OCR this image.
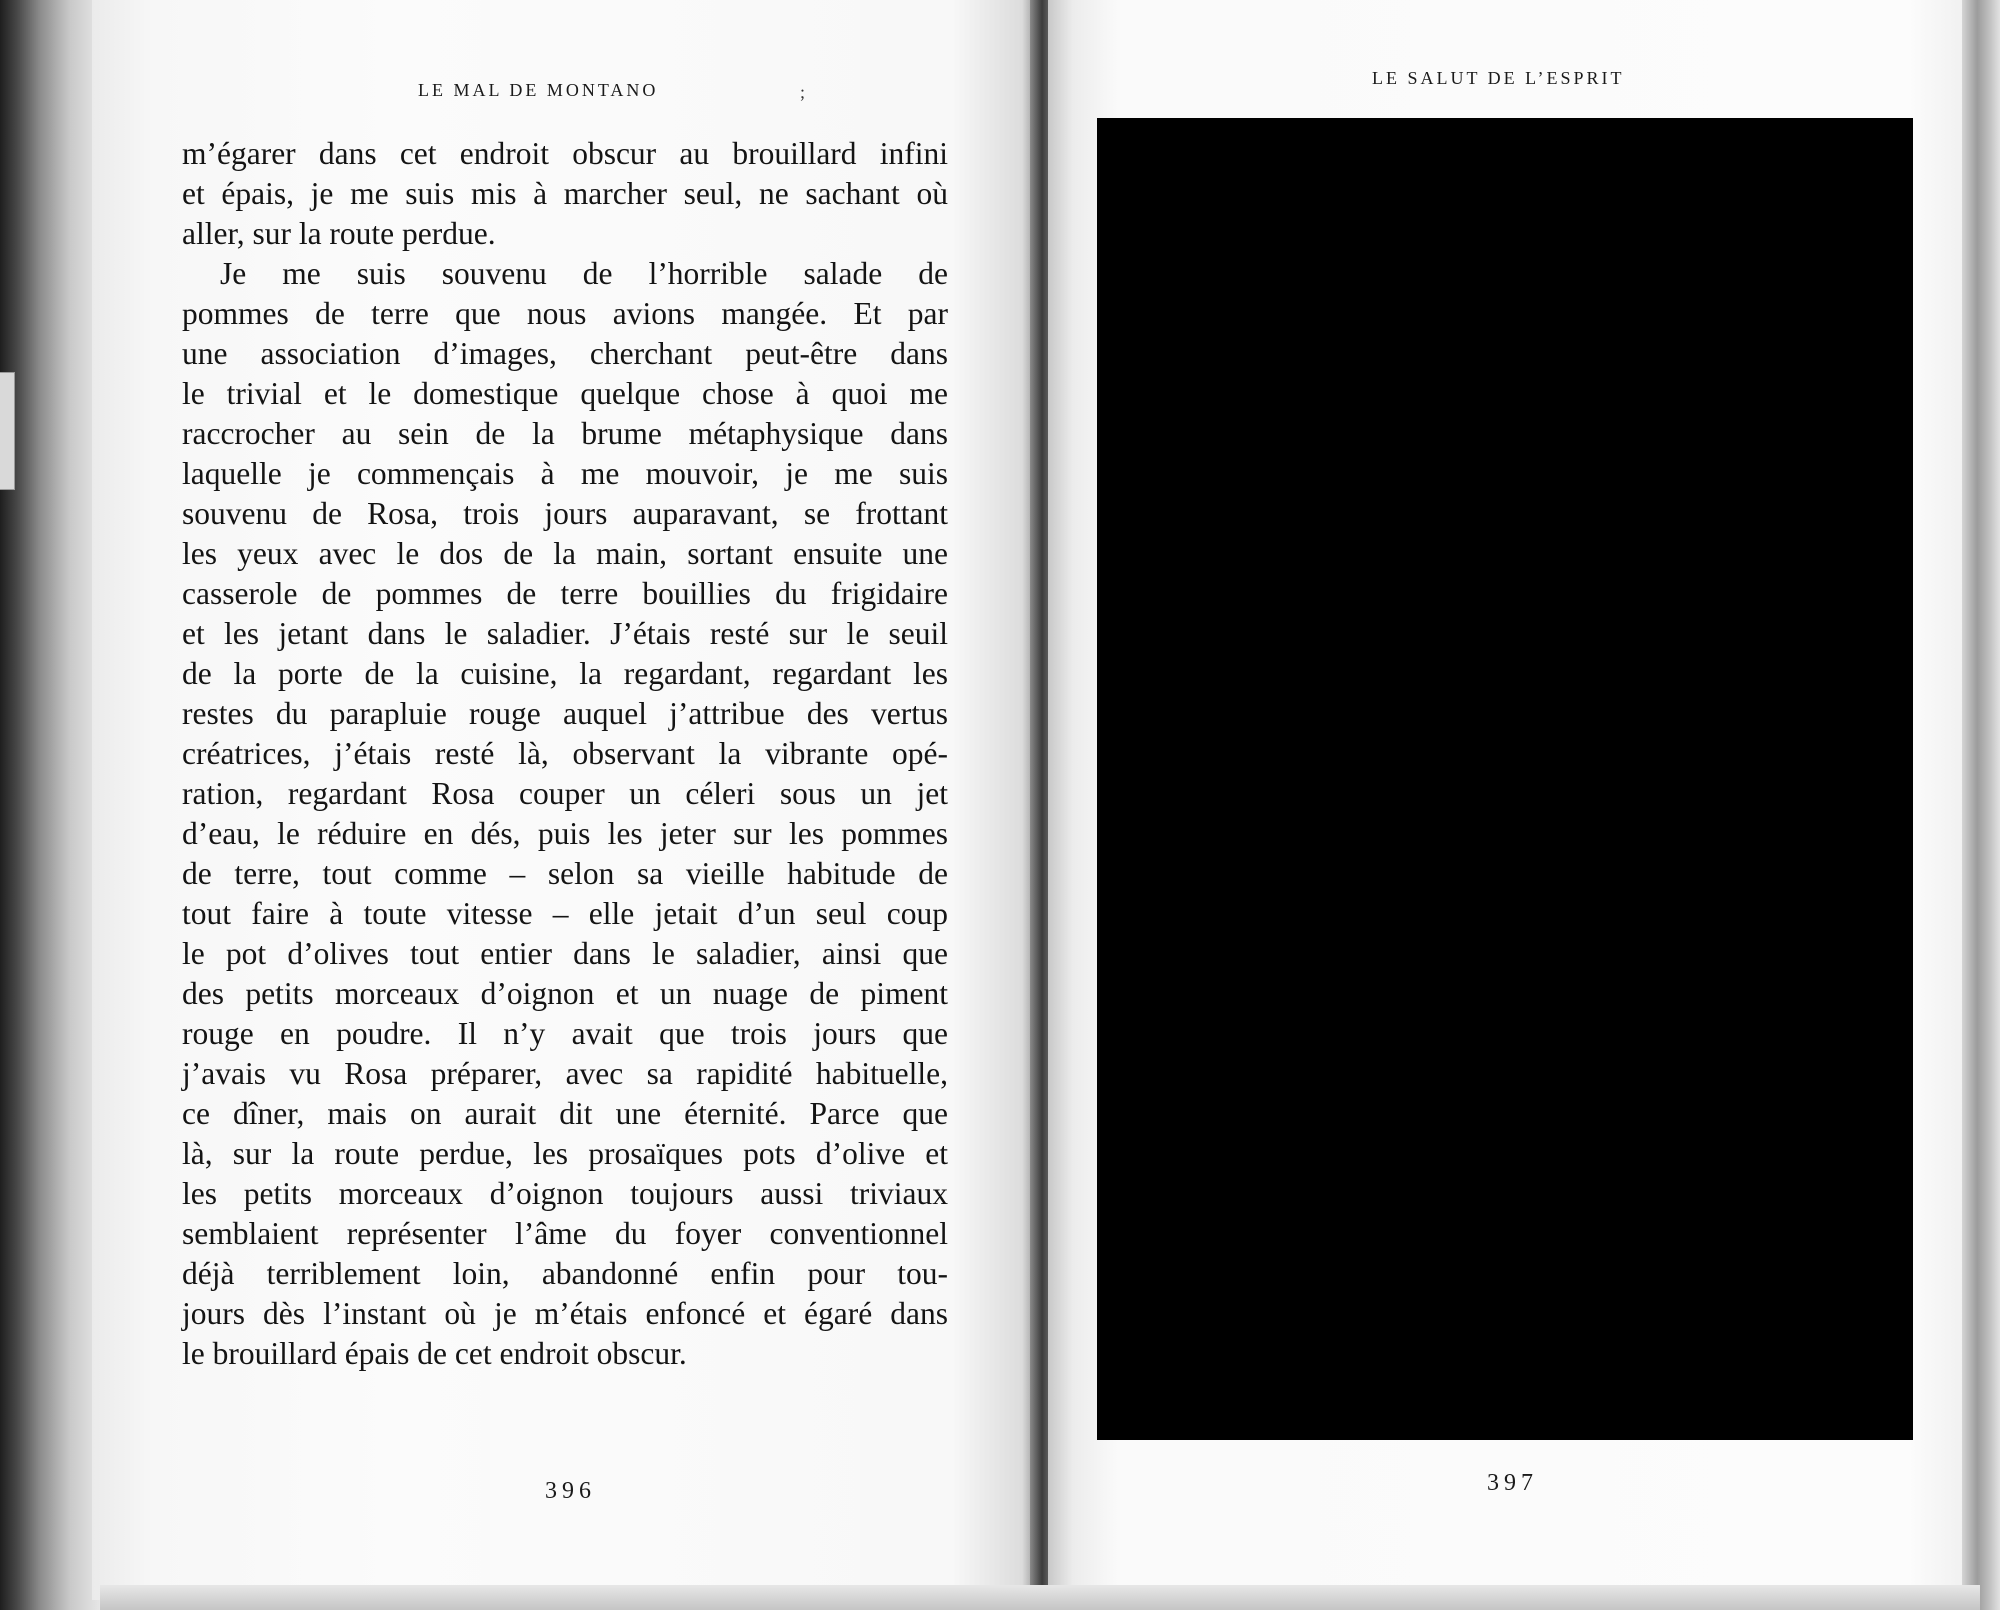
LE MAL DE MONTANO	;
LE SALUT DE L’ESPRIT
m’égarer dans cet endroit obscur au brouillard infini
et épais, je me suis mis à marcher seul, ne sachant où
aller, sur la route perdue.
Je me suis souvenu de l’horrible salade de
pommes de terre que nous avions mangée. Et par
une association d’images, cherchant peut-être dans
le trivial et le domestique quelque chose à quoi me
raccrocher au sein de la brume métaphysique dans
laquelle je commençais à me mouvoir, je me suis
souvenu de Rosa, trois jours auparavant, se frottant
les yeux avec le dos de la main, sortant ensuite une
casserole de pommes de terre bouillies du frigidaire
et les jetant dans le saladier. J’étais resté sur le seuil
de la porte de la cuisine, la regardant, regardant les
restes du parapluie rouge auquel j’attribue des vertus
créatrices, j’étais resté là, observant la vibrante opé-
ration, regardant Rosa couper un céleri sous un jet
d’eau, le réduire en dés, puis les jeter sur les pommes
de terre, tout comme – selon sa vieille habitude de
tout faire à toute vitesse – elle jetait d’un seul coup
le pot d’olives tout entier dans le saladier, ainsi que
des petits morceaux d’oignon et un nuage de piment
rouge en poudre. Il n’y avait que trois jours que
j’avais vu Rosa préparer, avec sa rapidité habituelle,
ce dîner, mais on aurait dit une éternité. Parce que
là, sur la route perdue, les prosaïques pots d’olive et
les petits morceaux d’oignon toujours aussi triviaux
semblaient représenter l’âme du foyer conventionnel
déjà terriblement loin, abandonné enfin pour tou-
jours dès l’instant où je m’étais enfoncé et égaré dans
le brouillard épais de cet endroit obscur.
396	397
